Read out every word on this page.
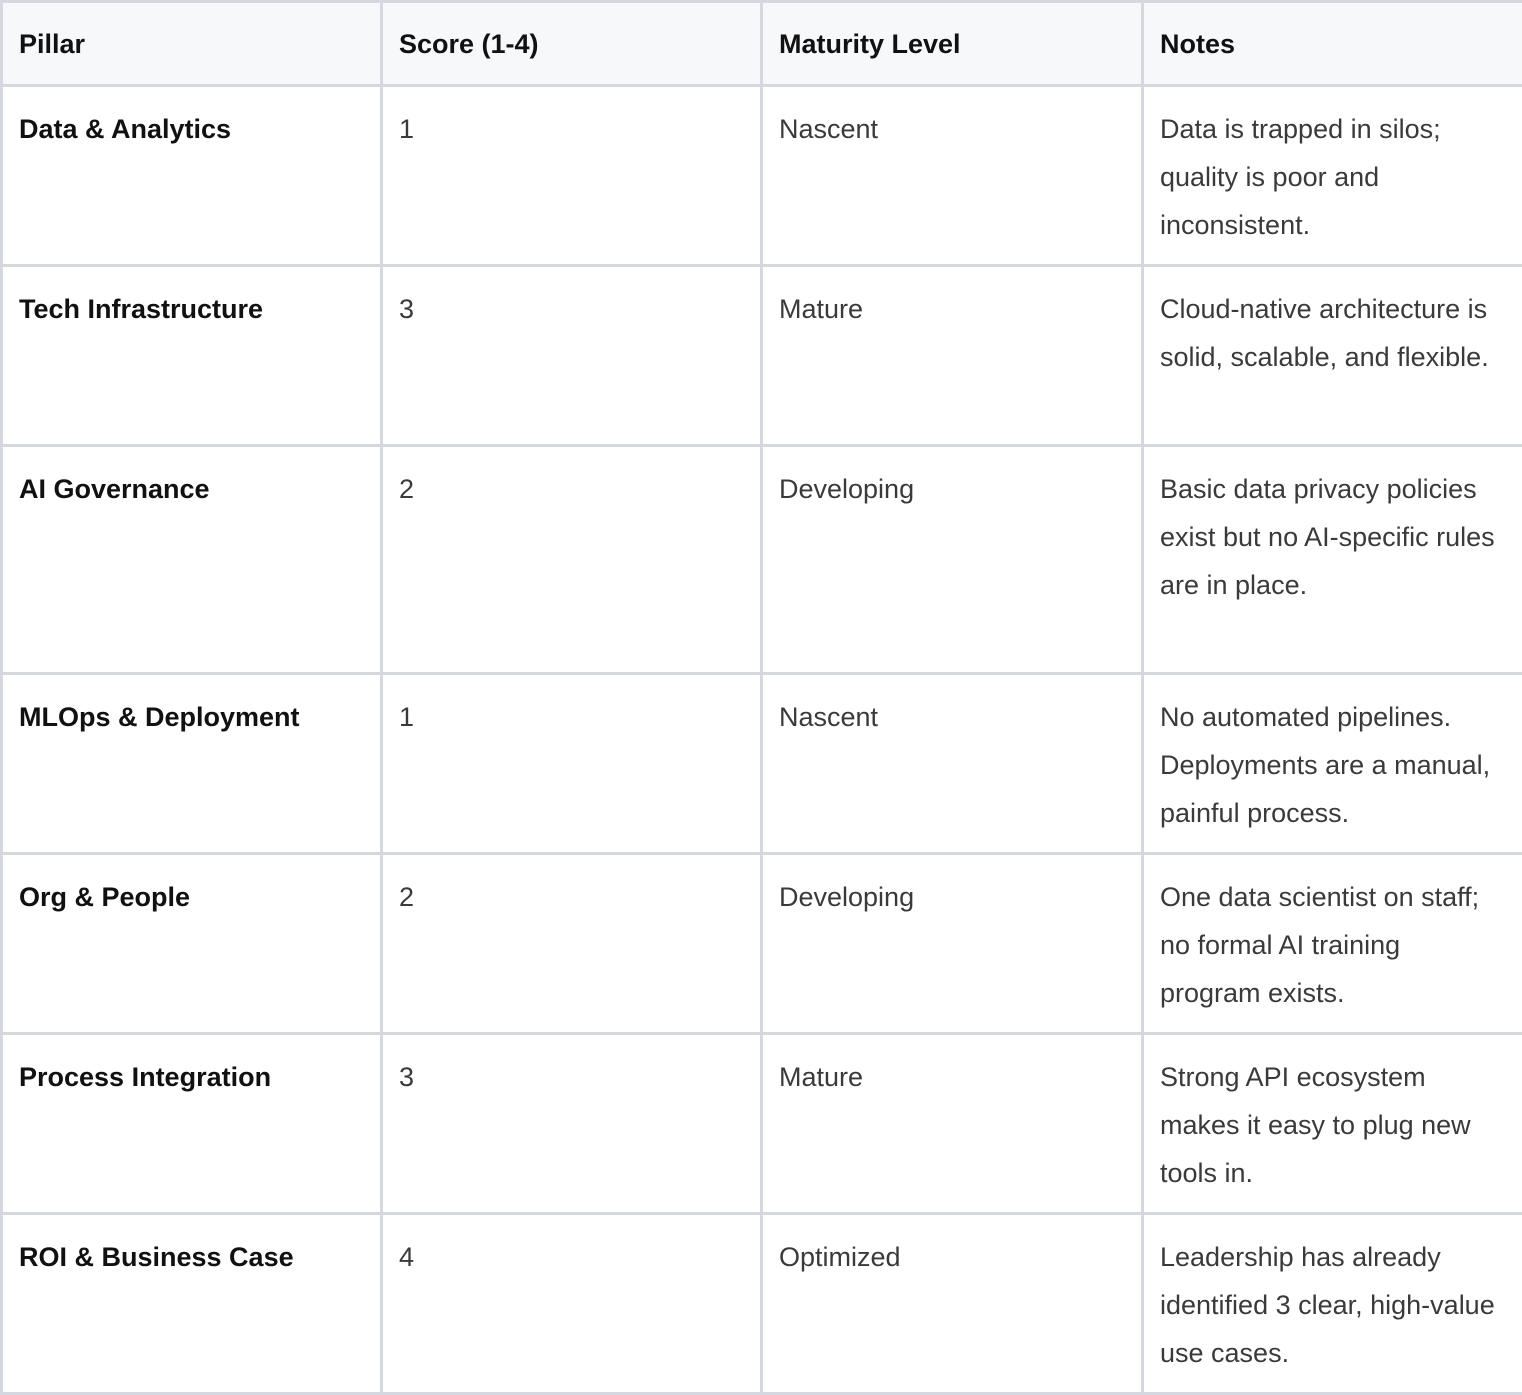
Pillar	Score (1-4)	Maturity Level	Notes
Data & Analytics	1	Nascent	Data is trapped in silos; quality is poor and inconsistent.
Tech Infrastructure	3	Mature	Cloud-native architecture is solid, scalable, and flexible.
AI Governance	2	Developing	Basic data privacy policies exist but no AI-specific rules are in place.
MLOps & Deployment	1	Nascent	No automated pipelines. Deployments are a manual, painful process.
Org & People	2	Developing	One data scientist on staff; no formal AI training program exists.
Process Integration	3	Mature	Strong API ecosystem makes it easy to plug new tools in.
ROI & Business Case	4	Optimized	Leadership has already identified 3 clear, high-value use cases.
